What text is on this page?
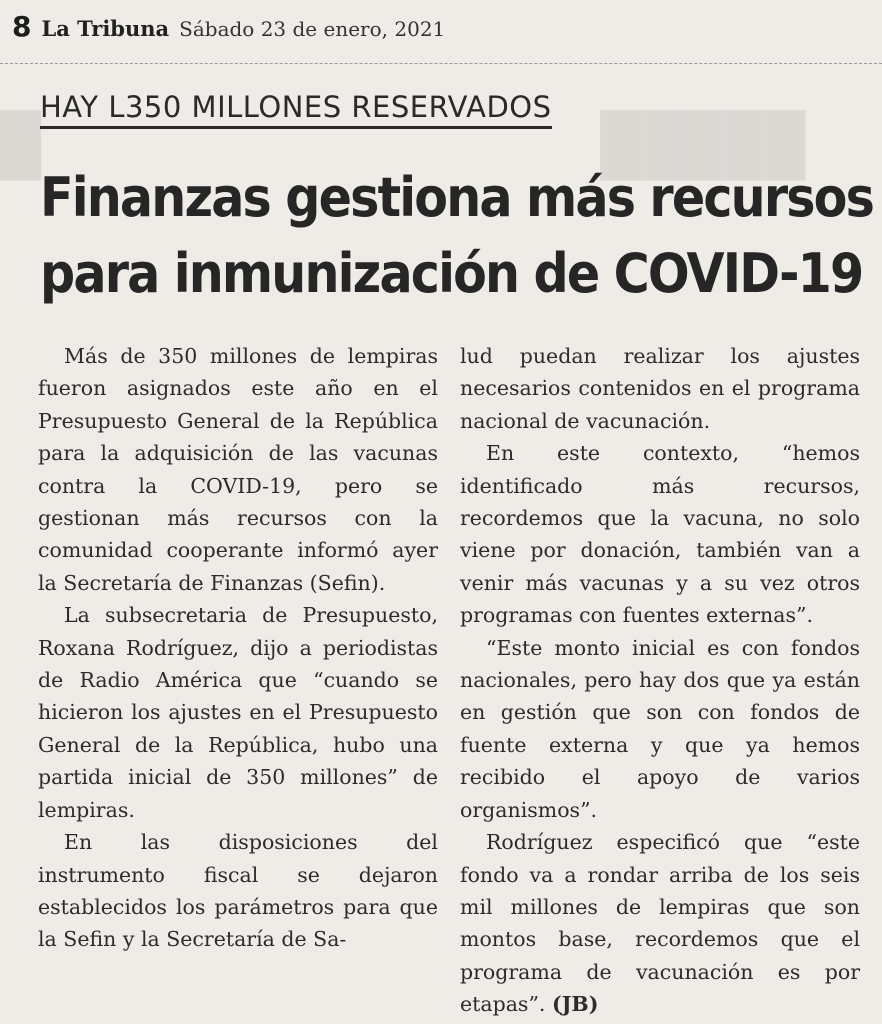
█████
█
8 La Tribuna Sábado 23 de enero, 2021
HAY L350 MILLONES RESERVADOS
Finanzas gestiona más recursos
para inmunización de COVID-19

Más de 350 millones de lempiras fueron asignados este año en el Presupuesto General de la República para la adquisición de las vacunas contra la COVID-19, pero se gestionan más recursos con la comunidad cooperante informó ayer la Secretaría de Finanzas (Sefin).

La subsecretaria de Presupuesto, Roxana Rodríguez, dijo a periodistas de Radio América que “cuando se hicieron los ajustes en el Presupuesto General de la República, hubo una partida inicial de 350 millones” de lempiras.

En las disposiciones del instrumento fiscal se dejaron establecidos los parámetros para que la Sefin y la Secretaría de Sa-

lud puedan realizar los ajustes necesarios contenidos en el programa nacional de vacunación.

En este contexto, “hemos identificado más recursos, recordemos que la vacuna, no solo viene por donación, también van a venir más vacunas y a su vez otros programas con fuentes externas”.

“Este monto inicial es con fondos nacionales, pero hay dos que ya están en gestión que son con fondos de fuente externa y que ya hemos recibido el apoyo de varios organismos”.

Rodríguez especificó que “este fondo va a rondar arriba de los seis mil millones de lempiras que son montos base, recordemos que el programa de vacunación es por etapas”. (JB)
